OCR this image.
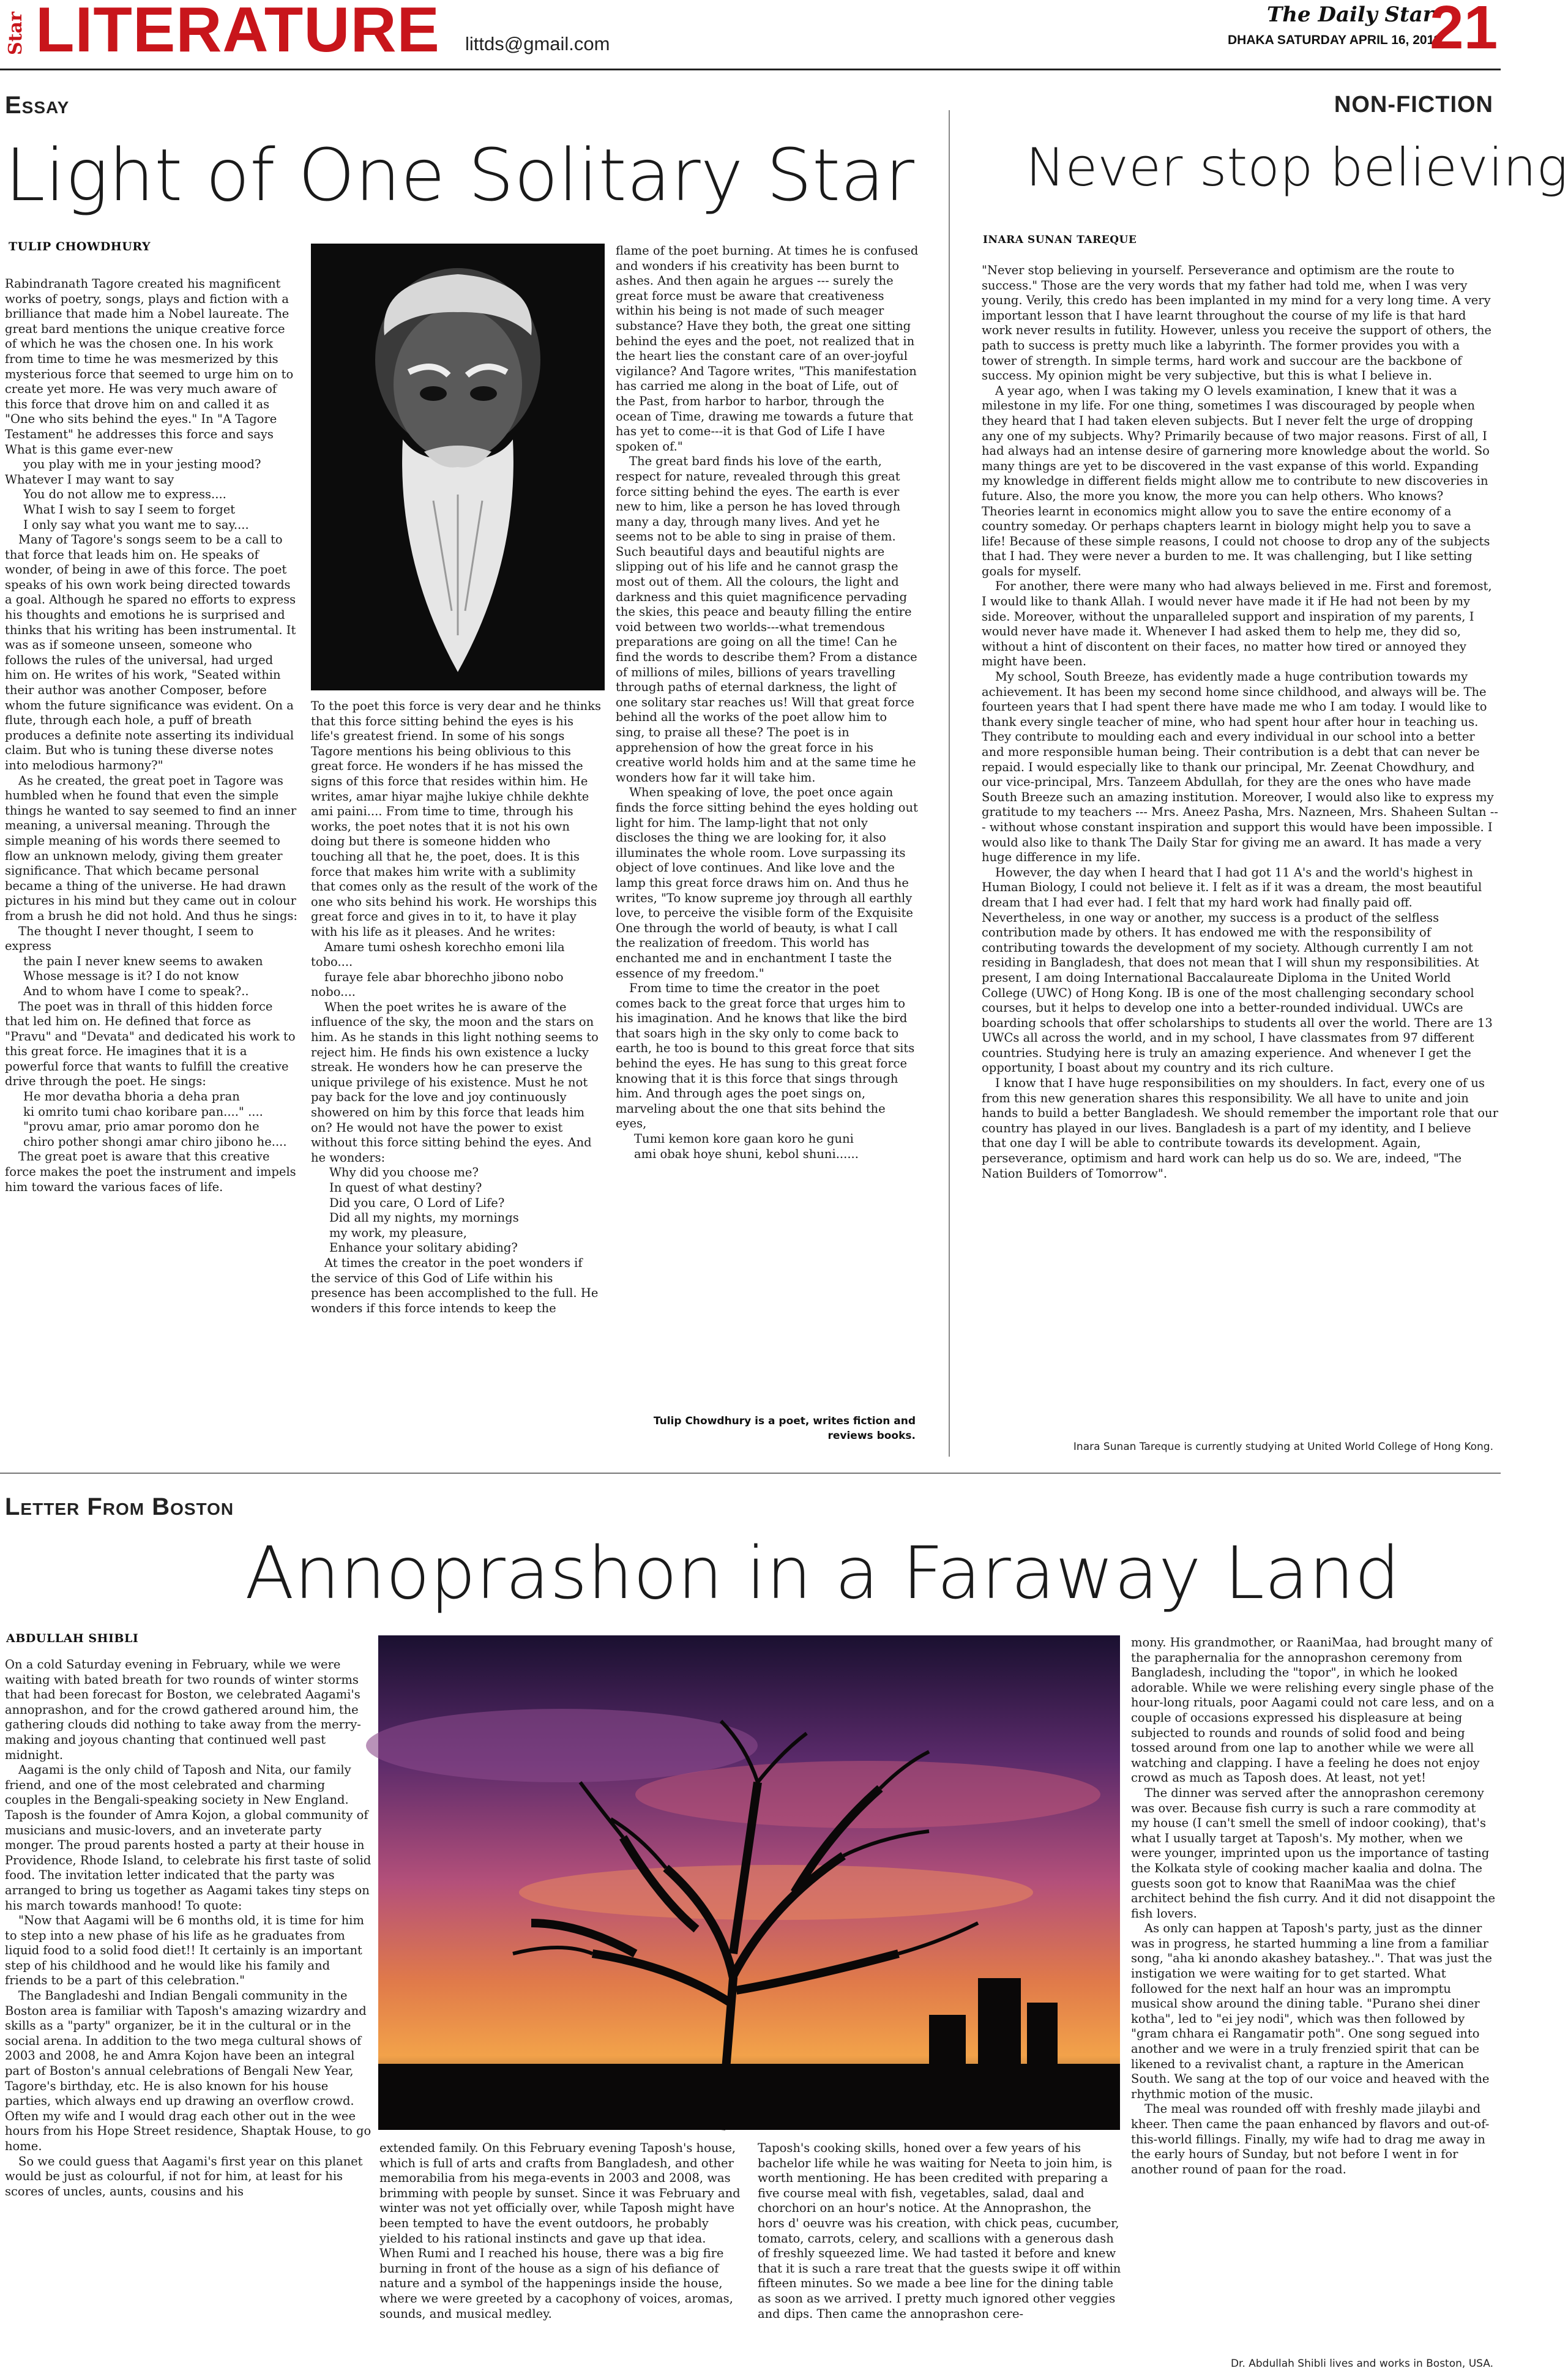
Star LITERATURE littds@gmail.com
The Daily Star
DHAKA SATURDAY APRIL 16, 2011
21
Essay
Light of One Solitary Star
TULIP CHOWDHURY

Rabindranath Tagore created his magnificent works of poetry, songs, plays and fiction with a brilliance that made him a Nobel laureate. The great bard mentions the unique creative force of which he was the chosen one. In his work from time to time he was mesmerized by this mysterious force that seemed to urge him on to create yet more. He was very much aware of this force that drove him on and called it as "One who sits behind the eyes." In "A Tagore Testament" he addresses this force and says

What is this game ever-new

you play with me in your jesting mood?

Whatever I may want to say

You do not allow me to express....

What I wish to say I seem to forget

I only say what you want me to say....

Many of Tagore's songs seem to be a call to that force that leads him on. He speaks of wonder, of being in awe of this force. The poet speaks of his own work being directed towards a goal. Although he spared no efforts to express his thoughts and emotions he is surprised and thinks that his writing has been instrumental. It was as if someone unseen, someone who follows the rules of the universal, had urged him on. He writes of his work, "Seated within their author was another Composer, before whom the future significance was evident. On a flute, through each hole, a puff of breath produces a definite note asserting its individual claim. But who is tuning these diverse notes into melodious harmony?"

As he created, the great poet in Tagore was humbled when he found that even the simple things he wanted to say seemed to find an inner meaning, a universal meaning. Through the simple meaning of his words there seemed to flow an unknown melody, giving them greater significance. That which became personal became a thing of the universe. He had drawn pictures in his mind but they came out in colour from a brush he did not hold. And thus he sings:

The thought I never thought, I seem to express

the pain I never knew seems to awaken

Whose message is it? I do not know

And to whom have I come to speak?..

The poet was in thrall of this hidden force that led him on. He defined that force as "Pravu" and "Devata" and dedicated his work to this great force. He imagines that it is a powerful force that wants to fulfill the creative drive through the poet. He sings:

He mor devatha bhoria a deha pran

ki omrito tumi chao koribare pan...." ....

"provu amar, prio amar poromo don he

chiro pother shongi amar chiro jibono he....

The great poet is aware that this creative force makes the poet the instrument and impels him toward the various faces of life.

To the poet this force is very dear and he thinks that this force sitting behind the eyes is his life's greatest friend. In some of his songs Tagore mentions his being oblivious to this great force. He wonders if he has missed the signs of this force that resides within him. He writes, amar hiyar majhe lukiye chhile dekhte ami paini.... From time to time, through his works, the poet notes that it is not his own doing but there is someone hidden who touching all that he, the poet, does. It is this force that makes him write with a sublimity that comes only as the result of the work of the one who sits behind his work. He worships this great force and gives in to it, to have it play with his life as it pleases. And he writes:

Amare tumi oshesh korechho emoni lila tobo....

furaye fele abar bhorechho jibono nobo nobo....

When the poet writes he is aware of the influence of the sky, the moon and the stars on him. As he stands in this light nothing seems to reject him. He finds his own existence a lucky streak. He wonders how he can preserve the unique privilege of his existence. Must he not pay back for the love and joy continuously showered on him by this force that leads him on? He would not have the power to exist without this force sitting behind the eyes. And he wonders:

Why did you choose me?

In quest of what destiny?

Did you care, O Lord of Life?

Did all my nights, my mornings

my work, my pleasure,

Enhance your solitary abiding?

At times the creator in the poet wonders if the service of this God of Life within his presence has been accomplished to the full. He wonders if this force intends to keep the

flame of the poet burning. At times he is confused and wonders if his creativity has been burnt to ashes. And then again he argues --- surely the great force must be aware that creativeness within his being is not made of such meager substance? Have they both, the great one sitting behind the eyes and the poet, not realized that in the heart lies the constant care of an over-joyful vigilance? And Tagore writes, "This manifestation has carried me along in the boat of Life, out of the Past, from harbor to harbor, through the ocean of Time, drawing me towards a future that has yet to come---it is that God of Life I have spoken of."

The great bard finds his love of the earth, respect for nature, revealed through this great force sitting behind the eyes. The earth is ever new to him, like a person he has loved through many a day, through many lives. And yet he seems not to be able to sing in praise of them. Such beautiful days and beautiful nights are slipping out of his life and he cannot grasp the most out of them. All the colours, the light and darkness and this quiet magnificence pervading the skies, this peace and beauty filling the entire void between two worlds---what tremendous preparations are going on all the time! Can he find the words to describe them? From a distance of millions of miles, billions of years travelling through paths of eternal darkness, the light of one solitary star reaches us! Will that great force behind all the works of the poet allow him to sing, to praise all these? The poet is in apprehension of how the great force in his creative world holds him and at the same time he wonders how far it will take him.

When speaking of love, the poet once again finds the force sitting behind the eyes holding out light for him. The lamp-light that not only discloses the thing we are looking for, it also illuminates the whole room. Love surpassing its object of love continues. And like love and the lamp this great force draws him on. And thus he writes, "To know supreme joy through all earthly love, to perceive the visible form of the Exquisite One through the world of beauty, is what I call the realization of freedom. This world has enchanted me and in enchantment I taste the essence of my freedom."

From time to time the creator in the poet comes back to the great force that urges him to his imagination. And he knows that like the bird that soars high in the sky only to come back to earth, he too is bound to this great force that sits behind the eyes. He has sung to this great force knowing that it is this force that sings through him. And through ages the poet sings on, marveling about the one that sits behind the eyes,

Tumi kemon kore gaan koro he guni

ami obak hoye shuni, kebol shuni......

Tulip Chowdhury is a poet, writes fiction and reviews books.
NON-FICTION
Never stop believing
INARA SUNAN TAREQUE

"Never stop believing in yourself. Perseverance and optimism are the route to success." Those are the very words that my father had told me, when I was very young. Verily, this credo has been implanted in my mind for a very long time. A very important lesson that I have learnt throughout the course of my life is that hard work never results in futility. However, unless you receive the support of others, the path to success is pretty much like a labyrinth. The former provides you with a tower of strength. In simple terms, hard work and succour are the backbone of success. My opinion might be very subjective, but this is what I believe in.

A year ago, when I was taking my O levels examination, I knew that it was a milestone in my life. For one thing, sometimes I was discouraged by people when they heard that I had taken eleven subjects. But I never felt the urge of dropping any one of my subjects. Why? Primarily because of two major reasons. First of all, I had always had an intense desire of garnering more knowledge about the world. So many things are yet to be discovered in the vast expanse of this world. Expanding my knowledge in different fields might allow me to contribute to new discoveries in future. Also, the more you know, the more you can help others. Who knows? Theories learnt in economics might allow you to save the entire economy of a country someday. Or perhaps chapters learnt in biology might help you to save a life! Because of these simple reasons, I could not choose to drop any of the subjects that I had. They were never a burden to me. It was challenging, but I like setting goals for myself.

For another, there were many who had always believed in me. First and foremost, I would like to thank Allah. I would never have made it if He had not been by my side. Moreover, without the unparalleled support and inspiration of my parents, I would never have made it. Whenever I had asked them to help me, they did so, without a hint of discontent on their faces, no matter how tired or annoyed they might have been.

My school, South Breeze, has evidently made a huge contribution towards my achievement. It has been my second home since childhood, and always will be. The fourteen years that I had spent there have made me who I am today. I would like to thank every single teacher of mine, who had spent hour after hour in teaching us. They contribute to moulding each and every individual in our school into a better and more responsible human being. Their contribution is a debt that can never be repaid. I would especially like to thank our principal, Mr. Zeenat Chowdhury, and our vice-principal, Mrs. Tanzeem Abdullah, for they are the ones who have made South Breeze such an amazing institution. Moreover, I would also like to express my gratitude to my teachers --- Mrs. Aneez Pasha, Mrs. Nazneen, Mrs. Shaheen Sultan --- without whose constant inspiration and support this would have been impossible. I would also like to thank The Daily Star for giving me an award. It has made a very huge difference in my life.

However, the day when I heard that I had got 11 A's and the world's highest in Human Biology, I could not believe it. I felt as if it was a dream, the most beautiful dream that I had ever had. I felt that my hard work had finally paid off. Nevertheless, in one way or another, my success is a product of the selfless contribution made by others. It has endowed me with the responsibility of contributing towards the development of my society. Although currently I am not residing in Bangladesh, that does not mean that I will shun my responsibilities. At present, I am doing International Baccalaureate Diploma in the United World College (UWC) of Hong Kong. IB is one of the most challenging secondary school courses, but it helps to develop one into a better-rounded individual. UWCs are boarding schools that offer scholarships to students all over the world. There are 13 UWCs all across the world, and in my school, I have classmates from 97 different countries. Studying here is truly an amazing experience. And whenever I get the opportunity, I boast about my country and its rich culture.

I know that I have huge responsibilities on my shoulders. In fact, every one of us from this new generation shares this responsibility. We all have to unite and join hands to build a better Bangladesh. We should remember the important role that our country has played in our lives. Bangladesh is a part of my identity, and I believe that one day I will be able to contribute towards its development. Again, perseverance, optimism and hard work can help us do so. We are, indeed, "The Nation Builders of Tomorrow".

Inara Sunan Tareque is currently studying at United World College of Hong Kong.
Letter From Boston
Annoprashon in a Faraway Land
ABDULLAH SHIBLI

On a cold Saturday evening in February, while we were waiting with bated breath for two rounds of winter storms that had been forecast for Boston, we celebrated Aagami's annoprashon, and for the crowd gathered around him, the gathering clouds did nothing to take away from the merry-making and joyous chanting that continued well past midnight.

Aagami is the only child of Taposh and Nita, our family friend, and one of the most celebrated and charming couples in the Bengali-speaking society in New England. Taposh is the founder of Amra Kojon, a global community of musicians and music-lovers, and an inveterate party monger. The proud parents hosted a party at their house in Providence, Rhode Island, to celebrate his first taste of solid food. The invitation letter indicated that the party was arranged to bring us together as Aagami takes tiny steps on his march towards manhood! To quote:

"Now that Aagami will be 6 months old, it is time for him to step into a new phase of his life as he graduates from liquid food to a solid food diet!! It certainly is an important step of his childhood and he would like his family and friends to be a part of this celebration."

The Bangladeshi and Indian Bengali community in the Boston area is familiar with Taposh's amazing wizardry and skills as a "party" organizer, be it in the cultural or in the social arena. In addition to the two mega cultural shows of 2003 and 2008, he and Amra Kojon have been an integral part of Boston's annual celebrations of Bengali New Year, Tagore's birthday, etc. He is also known for his house parties, which always end up drawing an overflow crowd. Often my wife and I would drag each other out in the wee hours from his Hope Street residence, Shaptak House, to go home.

So we could guess that Aagami's first year on this planet would be just as colourful, if not for him, at least for his scores of uncles, aunts, cousins and his

extended family. On this February evening Taposh's house, which is full of arts and crafts from Bangladesh, and other memorabilia from his mega-events in 2003 and 2008, was brimming with people by sunset. Since it was February and winter was not yet officially over, while Taposh might have been tempted to have the event outdoors, he probably yielded to his rational instincts and gave up that idea. When Rumi and I reached his house, there was a big fire burning in front of the house as a sign of his defiance of nature and a symbol of the happenings inside the house, where we were greeted by a cacophony of voices, aromas, sounds, and musical medley.

Taposh's cooking skills, honed over a few years of his bachelor life while he was waiting for Neeta to join him, is worth mentioning. He has been credited with preparing a five course meal with fish, vegetables, salad, daal and chorchori on an hour's notice. At the Annoprashon, the hors d' oeuvre was his creation, with chick peas, cucumber, tomato, carrots, celery, and scallions with a generous dash of freshly squeezed lime. We had tasted it before and knew that it is such a rare treat that the guests swipe it off within fifteen minutes. So we made a bee line for the dining table as soon as we arrived. I pretty much ignored other veggies and dips. Then came the annoprashon cere-

mony. His grandmother, or RaaniMaa, had brought many of the paraphernalia for the annoprashon ceremony from Bangladesh, including the "topor", in which he looked adorable. While we were relishing every single phase of the hour-long rituals, poor Aagami could not care less, and on a couple of occasions expressed his displeasure at being subjected to rounds and rounds of solid food and being tossed around from one lap to another while we were all watching and clapping. I have a feeling he does not enjoy crowd as much as Taposh does. At least, not yet!

The dinner was served after the annoprashon ceremony was over. Because fish curry is such a rare commodity at my house (I can't smell the smell of indoor cooking), that's what I usually target at Taposh's. My mother, when we were younger, imprinted upon us the importance of tasting the Kolkata style of cooking macher kaalia and dolna. The guests soon got to know that RaaniMaa was the chief architect behind the fish curry. And it did not disappoint the fish lovers.

As only can happen at Taposh's party, just as the dinner was in progress, he started humming a line from a familiar song, "aha ki anondo akashey batashey..". That was just the instigation we were waiting for to get started. What followed for the next half an hour was an impromptu musical show around the dining table. "Purano shei diner kotha", led to "ei jey nodi", which was then followed by "gram chhara ei Rangamatir poth". One song segued into another and we were in a truly frenzied spirit that can be likened to a revivalist chant, a rapture in the American South. We sang at the top of our voice and heaved with the rhythmic motion of the music.

The meal was rounded off with freshly made jilaybi and kheer. Then came the paan enhanced by flavors and out-of-this-world fillings. Finally, my wife had to drag me away in the early hours of Sunday, but not before I went in for another round of paan for the road.

Dr. Abdullah Shibli lives and works in Boston, USA.
